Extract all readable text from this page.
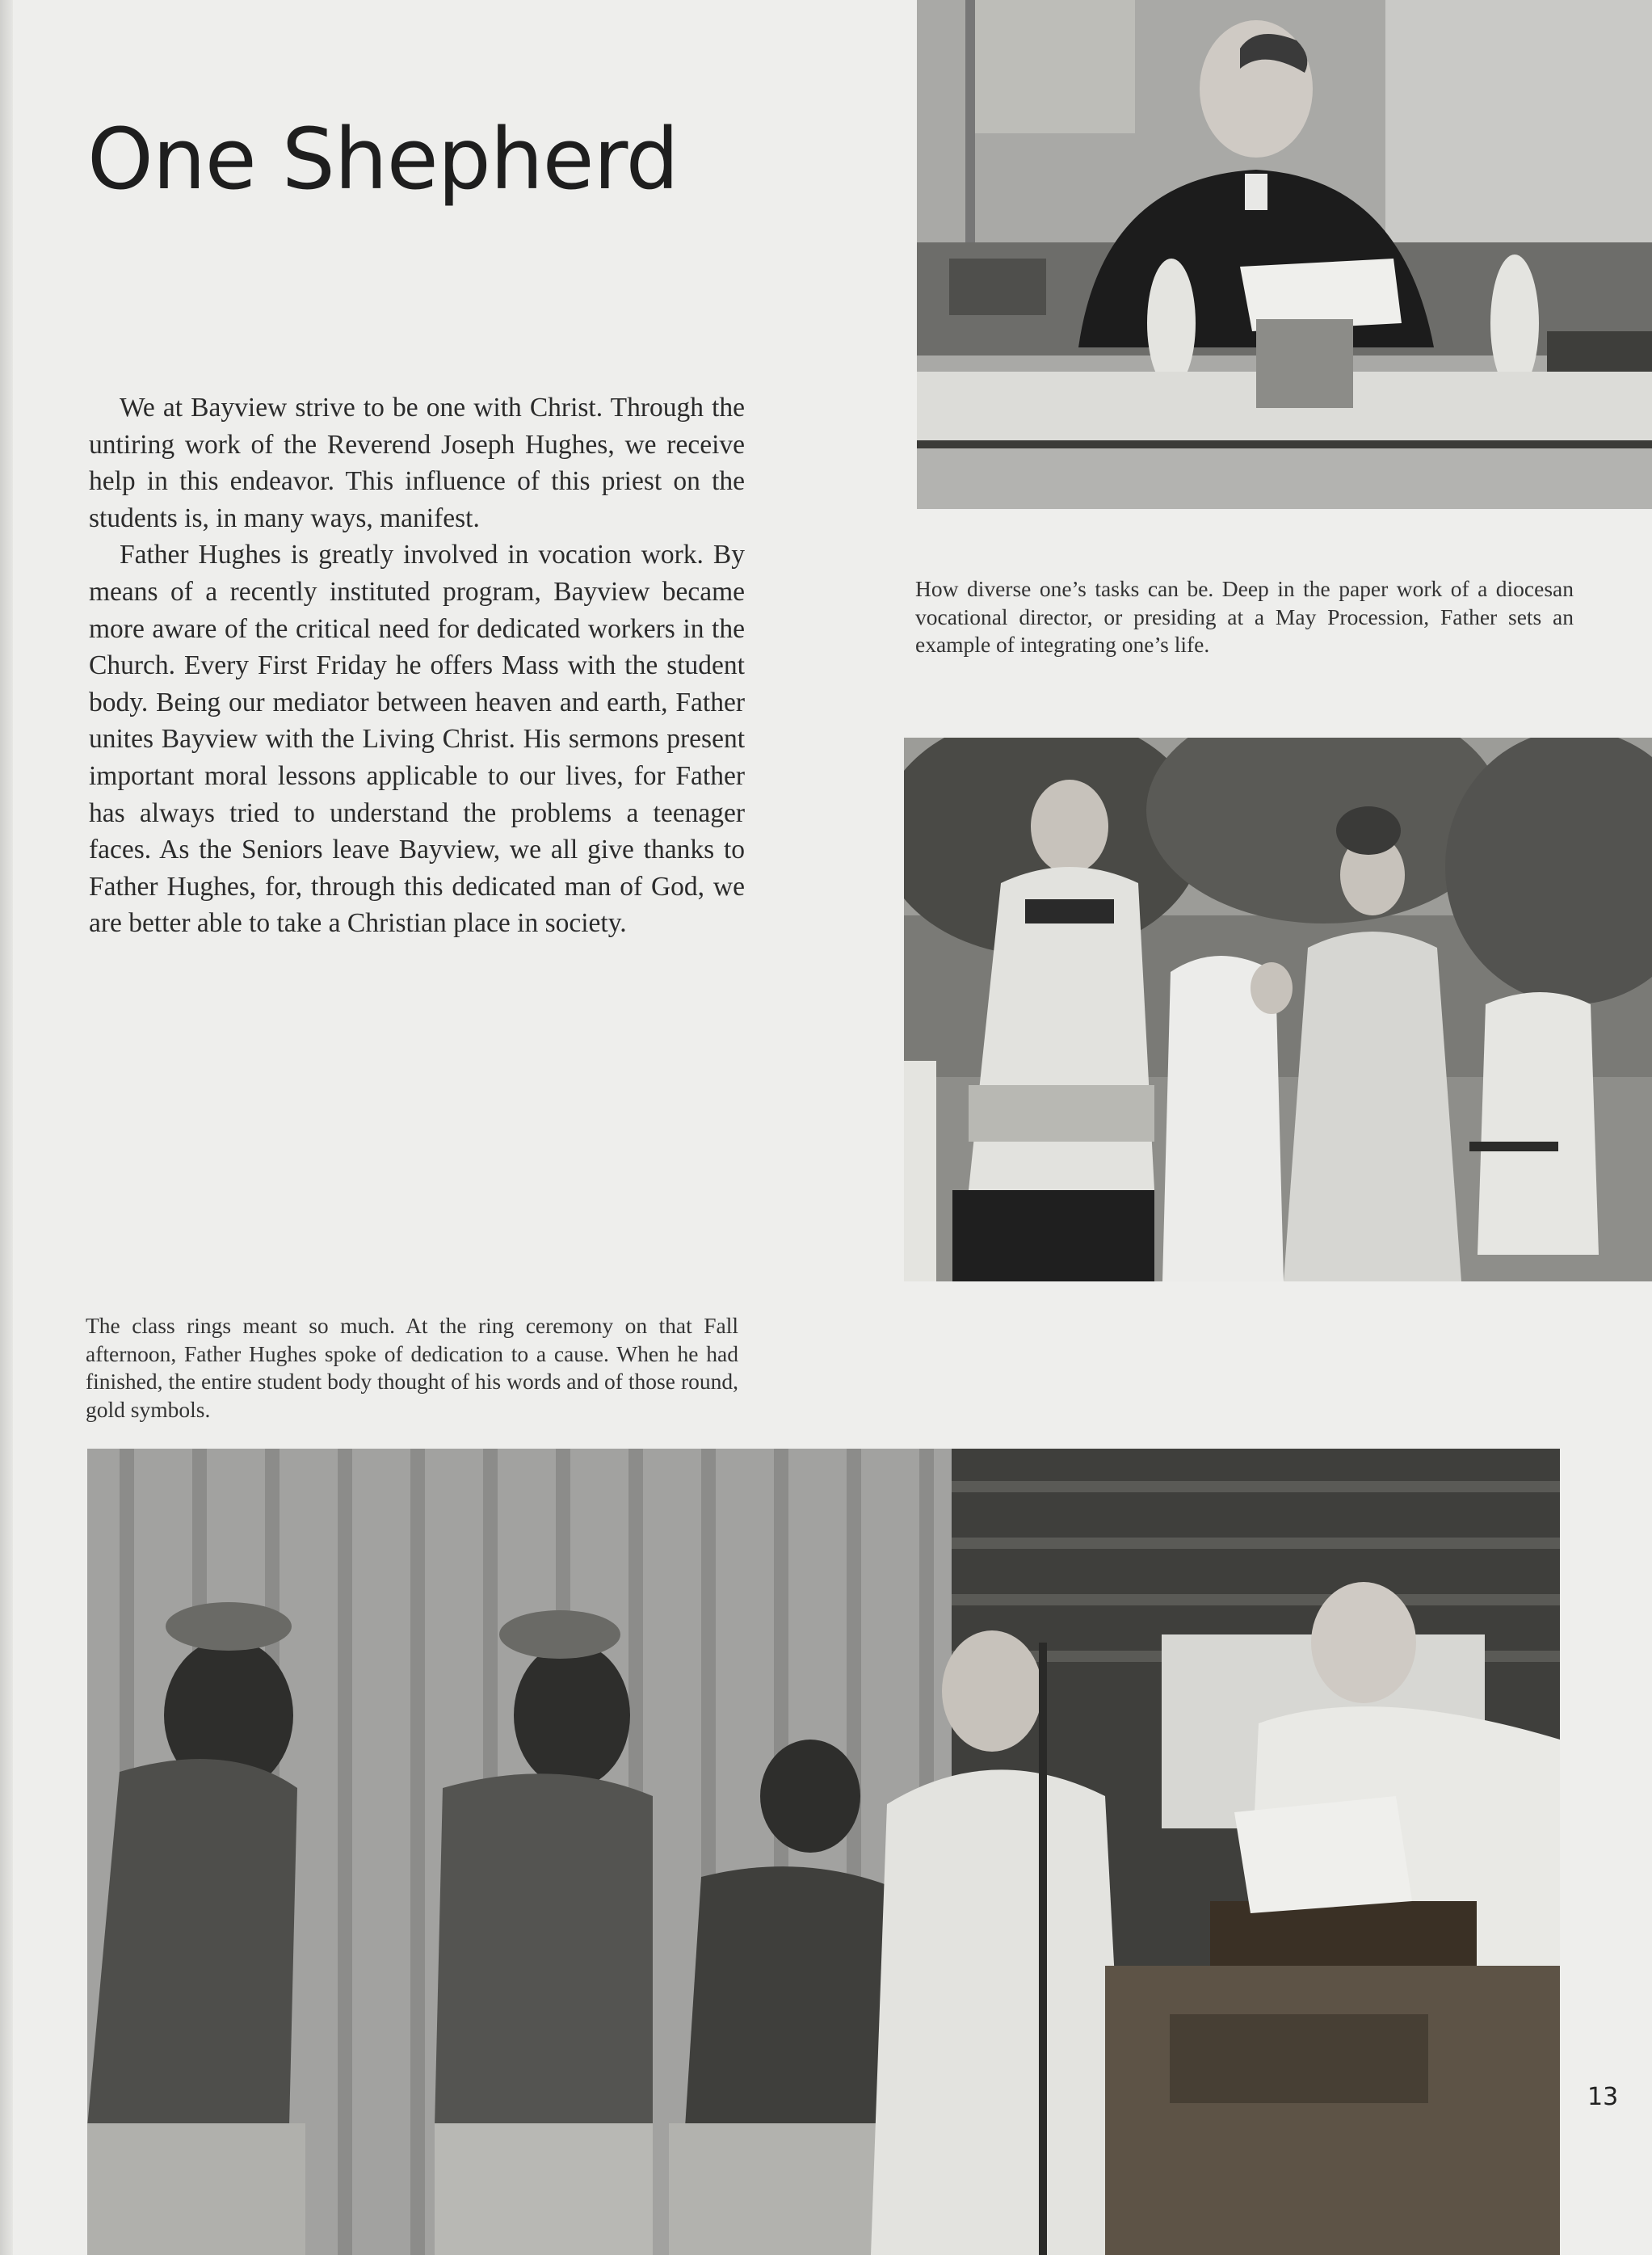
One Shepherd

We at Bayview strive to be one with Christ. Through the untiring work of the Reverend Joseph Hughes, we receive help in this endeavor. This influence of this priest on the students is, in many ways, manifest.

Father Hughes is greatly involved in vocation work. By means of a recently instituted program, Bayview became more aware of the critical need for dedicated workers in the Church. Every First Friday he offers Mass with the student body. Being our mediator between heaven and earth, Father unites Bayview with the Living Christ. His sermons present important moral lessons applicable to our lives, for Father has always tried to understand the problems a teenager faces. As the Seniors leave Bayview, we all give thanks to Father Hughes, for, through this dedicated man of God, we are better able to take a Christian place in society.

How diverse one’s tasks can be. Deep in the paper work of a diocesan vocational director, or presiding at a May Procession, Father sets an example of integrating one’s life.

The class rings meant so much. At the ring ceremony on that Fall afternoon, Father Hughes spoke of dedication to a cause. When he had finished, the entire student body thought of his words and of those round, gold symbols.

13
